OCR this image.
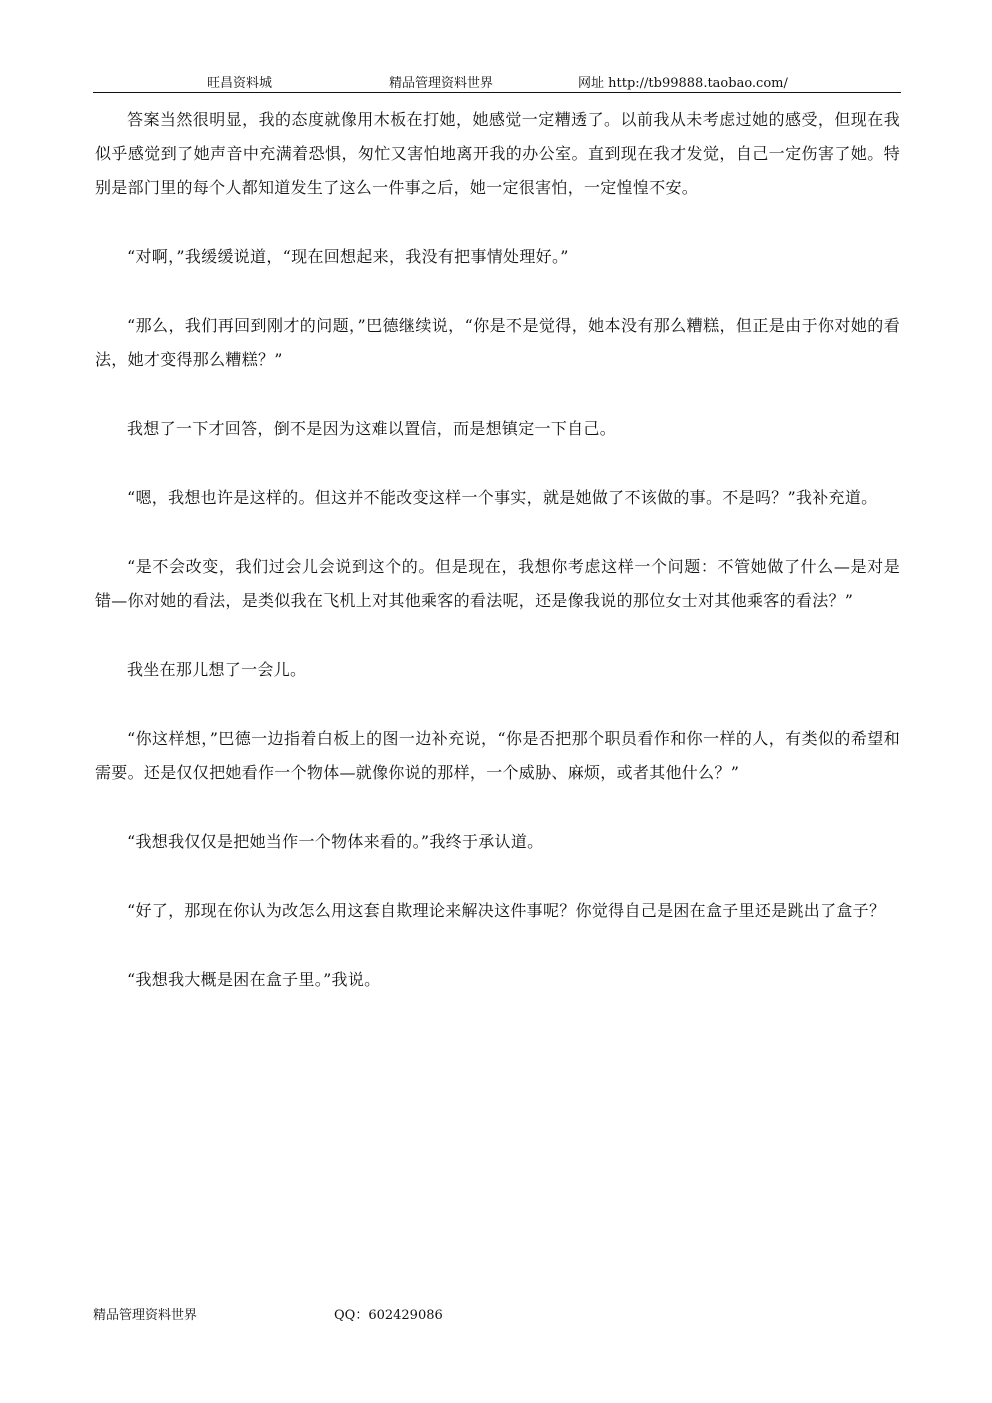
旺昌资料城	精品管理资料世界	网址 http://tb99888.taobao.com/

答案当然很明显，我的态度就像用木板在打她，她感觉一定糟透了。以前我从未考虑过她的感受，但现在我似乎感觉到了她声音中充满着恐惧，匆忙又害怕地离开我的办公室。直到现在我才发觉，自己一定伤害了她。特别是部门里的每个人都知道发生了这么一件事之后，她一定很害怕，一定惶惶不安。

“对啊，”我缓缓说道，“现在回想起来，我没有把事情处理好。”

“那么，我们再回到刚才的问题，”巴德继续说，“你是不是觉得，她本没有那么糟糕，但正是由于你对她的看法，她才变得那么糟糕？”

我想了一下才回答，倒不是因为这难以置信，而是想镇定一下自己。

“嗯，我想也许是这样的。但这并不能改变这样一个事实，就是她做了不该做的事。不是吗？”我补充道。

“是不会改变，我们过会儿会说到这个的。但是现在，我想你考虑这样一个问题：不管她做了什么—是对是错—你对她的看法，是类似我在飞机上对其他乘客的看法呢，还是像我说的那位女士对其他乘客的看法？”

我坐在那儿想了一会儿。

“你这样想，”巴德一边指着白板上的图一边补充说，“你是否把那个职员看作和你一样的人，有类似的希望和需要。还是仅仅把她看作一个物体—就像你说的那样，一个威胁、麻烦，或者其他什么？”

“我想我仅仅是把她当作一个物体来看的。”我终于承认道。

“好了，那现在你认为改怎么用这套自欺理论来解决这件事呢？你觉得自己是困在盒子里还是跳出了盒子？

“我想我大概是困在盒子里。”我说。

精品管理资料世界	QQ：602429086
